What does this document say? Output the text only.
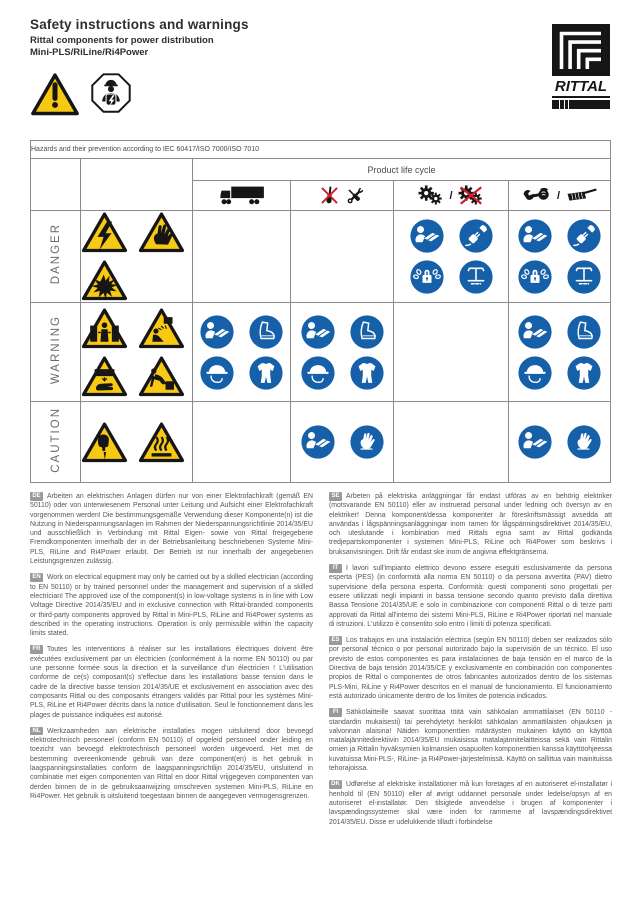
Safety instructions and warnings
Rittal components for power distribution
Mini-PLS/RiLine/Ri4Power
RITTAL
Hazards and their prevention according to IEC 60417/ISO 7000/ISO 7010					
		Product life cycle			

/	/

DANGER	

WARNING	

CAUTION	

DE Arbeiten an elektrischen Anlagen dürfen nur von einer Elektrofachkraft (gemäß EN 50110) oder von unterwiesenem Personal unter Leitung und Aufsicht einer Elektrofachkraft vorgenommen werden! Die bestimmungsgemäße Verwendung dieser Komponente(n) ist die Nutzung in Niederspannungsanlagen im Rahmen der Niederspannungsrichtlinie 2014/35/EU und ausschließlich in Verbindung mit Rittal Eigen- sowie von Rittal freigegebene Fremdkomponenten innerhalb der in der Betriebsanleitung beschriebenen Systeme Mini-PLS, RiLine and Ri4Power erlaubt. Der Betrieb ist nur innerhalb der angegebenen Leistungsgrenzen zulässig.

EN Work on electrical equipment may only be carried out by a skilled electrician (according to EN 50110) or by trained personnel under the management and supervision of a skilled electrician! The approved use of the component(s) in low-voltage systems is in line with Low Voltage Directive 2014/35/EU and in exclusive connection with Rittal-branded components or third-party components approved by Rittal in Mini-PLS, RiLine and Ri4Power systems as described in the operating instructions. Operation is only permissible within the capacity limits stated.

FR Toutes les interventions à réaliser sur les installations électriques doivent être exécutées exclusivement par un électricien (conformément à la norme EN 50110) ou par une personne formée sous la direction et la surveillance d'un électricien ! L'utilisation conforme de ce(s) composant(s) s'effectue dans les installations basse tension dans le cadre de la directive basse tension 2014/35/UE et exclusivement en association avec des composants Rittal ou des composants étrangers validés par Rittal pour les systèmes Mini-PLS, RiLine et Ri4Power décrits dans la notice d'utilisation. Seul le fonctionnement dans les plages de puissance indiquées est autorisé.

NL Werkzaamheden aan elektrische installaties mogen uitsluitend door bevoegd elektrotechnisch personeel (conform EN 50110) of opgeleid personeel onder leiding en toezicht van bevoegd elektrotechnisch personeel worden uitgevoerd. Het met de bestemming overeenkomende gebruik van deze component(en) is het gebruik in laagspanningsinstallaties conform de laagspanningsrichtlijn 2014/35/EU, uitsluitend in combinatie met eigen componenten van Rittal en door Rittal vrijgegeven componenten van derden binnen de in de gebruiksaanwijzing omschreven systemen Mini-PLS, RiLine en Ri4Power. Het gebruik is uitsluitend toegestaan binnen de aangegeven vermogensgrenzen.

SE Arbeten på elektriska anläggningar får endast utföras av en behörig elektriker (motsvarande EN 50110) eller av instruerad personal under ledning och översyn av en elektriker! Denna komponent/dessa komponenter är föreskriftsmässigt avsedda att användas i lågspänningsanläggningar inom ramen för lågspänningsdirektivet 2014/35/EU, och uteslutande i kombination med Rittals egna samt av Rittal godkända tredjepartskomponenter i systemen Mini-PLS, RiLine och Ri4Power som beskrivs i bruksanvisningen. Drift får endast ske inom de angivna effektgränserna.

IT I lavori sull'impianto elettrico devono essere eseguiti esclusivamente da persona esperta (PES) (in conformità alla norma EN 50110) o da persona avvertita (PAV) dietro supervisione della persona esperta. Conformità: questi componenti sono progettati per essere utilizzati negli impianti in bassa tensione secondo quanto previsto dalla direttiva Bassa Tensione 2014/35/UE e solo in combinazione con componenti Rittal o di terze parti approvati da Rittal all'interno dei sistemi Mini-PLS, RiLine e Ri4Power riportati nel manuale di istruzioni. L'utilizzo è consentito solo entro i limiti di potenza specificati.

ES Los trabajos en una instalación eléctrica (según EN 50110) deben ser realizados sólo por personal técnico o por personal autorizado bajo la supervisión de un técnico. El uso previsto de estos componentes es para instalaciones de baja tensión en el marco de la Directiva de baja tensión 2014/35/CE y exclusivamente en combinación con componentes propios de Rittal o componentes de otros fabricantes autorizados dentro de los sistemas PLS-Mini, RiLine y Ri4Power descritos en el manual de funcionamiento. El funcionamiento está autorizado únicamente dentro de los límites de potencia indicados.

FI Sähkölaitteille saavat suorittaa töitä vain sähköalan ammattilaiset (EN 50110 -standardin mukaisesti) tai perehdytetyt henkilöt sähköalan ammattilaisten ohjauksen ja valvonnan alaisina! Näiden komponenttien määräysten mukainen käyttö on käyttöä matalajännitedirektiivin 2014/35/EU mukaisissa matalajännitelaitteissa sekä vain Rittalin omien ja Rittalin hyväksymien kolmansien osapuolten komponenttien kanssa käyttöohjeessa kuvatuissa Mini-PLS-, RiLine- ja Ri4Power-järjestelmissä. Käyttö on sallittua vain mainituissa tehorajoissa.

DK Udførelse af elektriske installationer må kun foretages af en autoriseret el-installatør i henhold til (EN 50110) eller af øvrigt uddannet personale under ledelse/opsyn af en autoriseret el-installatør. Den tilsigtede anvendelse i brugen af komponenter i lavspændingssystemer skal være inden for rammerne af lavspændingsdirektivet 2014/35/EU. Disse er udelukkende tilladt i forbindelse
